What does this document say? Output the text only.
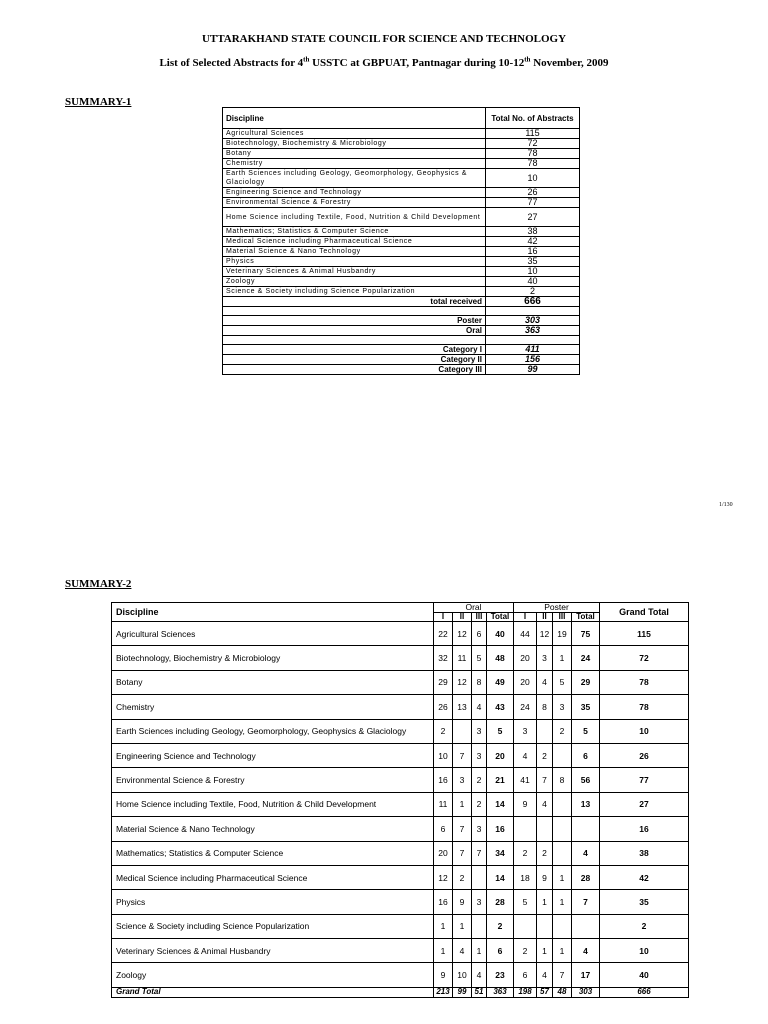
UTTARAKHAND STATE COUNCIL FOR SCIENCE AND TECHNOLOGY
List of Selected Abstracts for 4th USSTC at GBPUAT, Pantnagar during 10-12th November, 2009
SUMMARY-1
Discipline	Total No. of Abstracts
Agricultural Sciences	115
Biotechnology, Biochemistry & Microbiology	72
Botany	78
Chemistry	78
Earth Sciences including Geology, Geomorphology, Geophysics & Glaciology	10
Engineering Science and Technology	26
Environmental Science & Forestry	77
Home Science including Textile, Food, Nutrition & Child Development	27
Mathematics; Statistics & Computer Science	38
Medical Science including Pharmaceutical Science	42
Material Science & Nano Technology	16
Physics	35
Veterinary Sciences & Animal Husbandry	10
Zoology	40
Science & Society including Science Popularization	2
total received	666

Poster	303
Oral	363

Category I	411
Category II	156
Category III	99
1/130
SUMMARY-2
Discipline	Oral				Poster				Grand Total
	I	II	III	Total	I	II	III	Total	
Agricultural Sciences	22	12	6	40	44	12	19	75	115
Biotechnology, Biochemistry & Microbiology	32	11	5	48	20	3	1	24	72
Botany	29	12	8	49	20	4	5	29	78
Chemistry	26	13	4	43	24	8	3	35	78
Earth Sciences including Geology, Geomorphology, Geophysics & Glaciology	2		3	5	3		2	5	10
Engineering Science and Technology	10	7	3	20	4	2		6	26
Environmental Science & Forestry	16	3	2	21	41	7	8	56	77
Home Science including Textile, Food, Nutrition & Child Development	11	1	2	14	9	4		13	27
Material Science & Nano Technology	6	7	3	16					16
Mathematics; Statistics & Computer Science	20	7	7	34	2	2		4	38
Medical Science including Pharmaceutical Science	12	2		14	18	9	1	28	42
Physics	16	9	3	28	5	1	1	7	35
Science & Society including Science Popularization	1	1		2					2
Veterinary Sciences & Animal Husbandry	1	4	1	6	2	1	1	4	10
Zoology	9	10	4	23	6	4	7	17	40
Grand Total	213	99	51	363	198	57	48	303	666
